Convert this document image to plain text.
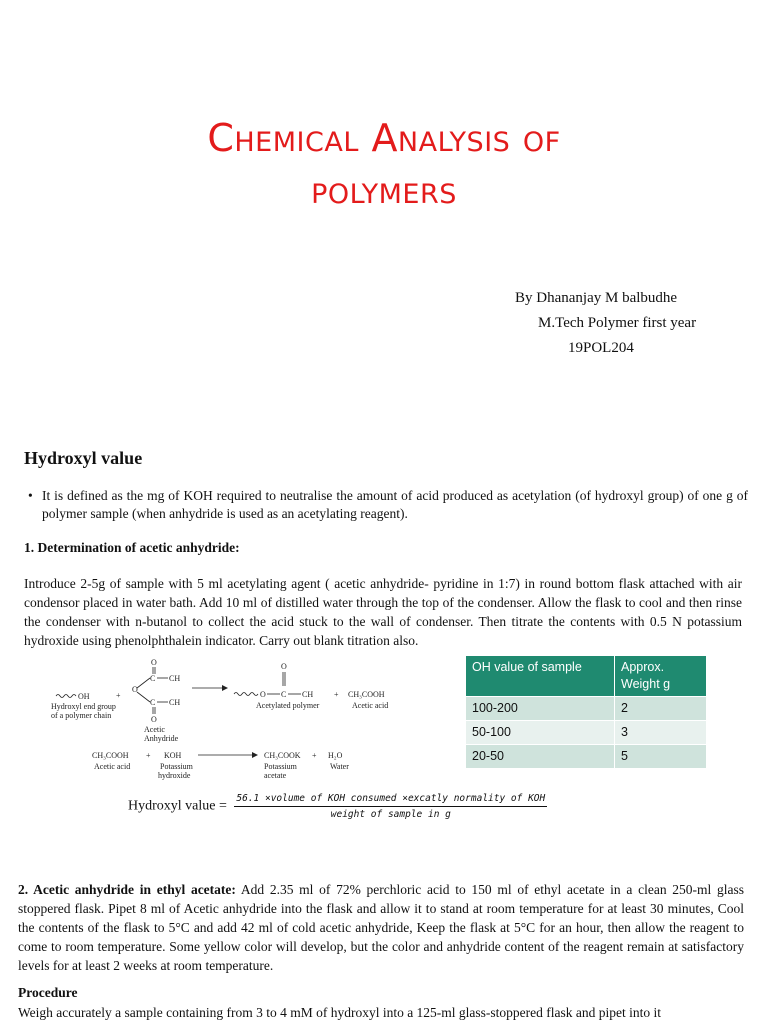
Chemical Analysis of
polymers
By Dhananjay M balbudhe
M.Tech Polymer first year
19POL204
Hydroxyl value
• It is defined as the mg of KOH required to neutralise the amount of acid produced as acetylation (of hydroxyl group) of one g of polymer sample (when anhydride is used as an acetylating reagent).
1. Determination of acetic anhydride:
Introduce 2-5g of sample with 5 ml acetylating agent ( acetic anhydride- pyridine in 1:7) in round bottom flask attached with air condensor placed in water bath. Add 10 ml of distilled water through the top of the condenser. Allow the flask to cool and then rinse the condenser with n-butanol to collect the acid stuck to the wall of condenser. Then titrate the contents with 0.5 N potassium hydroxide using phenolphthalein indicator. Carry out blank titration also.
OH
Hydroxyl end group
of a polymer chain
+
O
O
C CH
C CH
O
Acetic
Anhydride
O
O
C CH	+ CH₃COOH
Acetylated polymer	Acetic acid
CH₃COOH
Acetic acid
+ KOH
Potassium
hydroxide
CH₃COOK
Potassium
acetate
+ H₂O
Water
OH value of sample	Approx. Weight g
100-200	2
50-100	3
20-50	5
Hydroxyl value = $\frac{\text{56.1 ×volume of KOH consumed ×excatly normality of KOH}}{\text{weight of sample in g}}$
2. Acetic anhydride in ethyl acetate: Add 2.35 ml of 72% perchloric acid to 150 ml of ethyl acetate in a clean 250-ml glass stoppered flask. Pipet 8 ml of Acetic anhydride into the flask and allow it to stand at room temperature for at least 30 minutes, Cool the contents of the flask to 5°C and add 42 ml of cold acetic anhydride, Keep the flask at 5°C for an hour, then allow the reagent to come to room temperature. Some yellow color will develop, but the color and anhydride content of the reagent remain at satisfactory levels for at least 2 weeks at room temperature.
Procedure
Weigh accurately a sample containing from 3 to 4 mM of hydroxyl into a 125-ml glass-stoppered flask and pipet into it
